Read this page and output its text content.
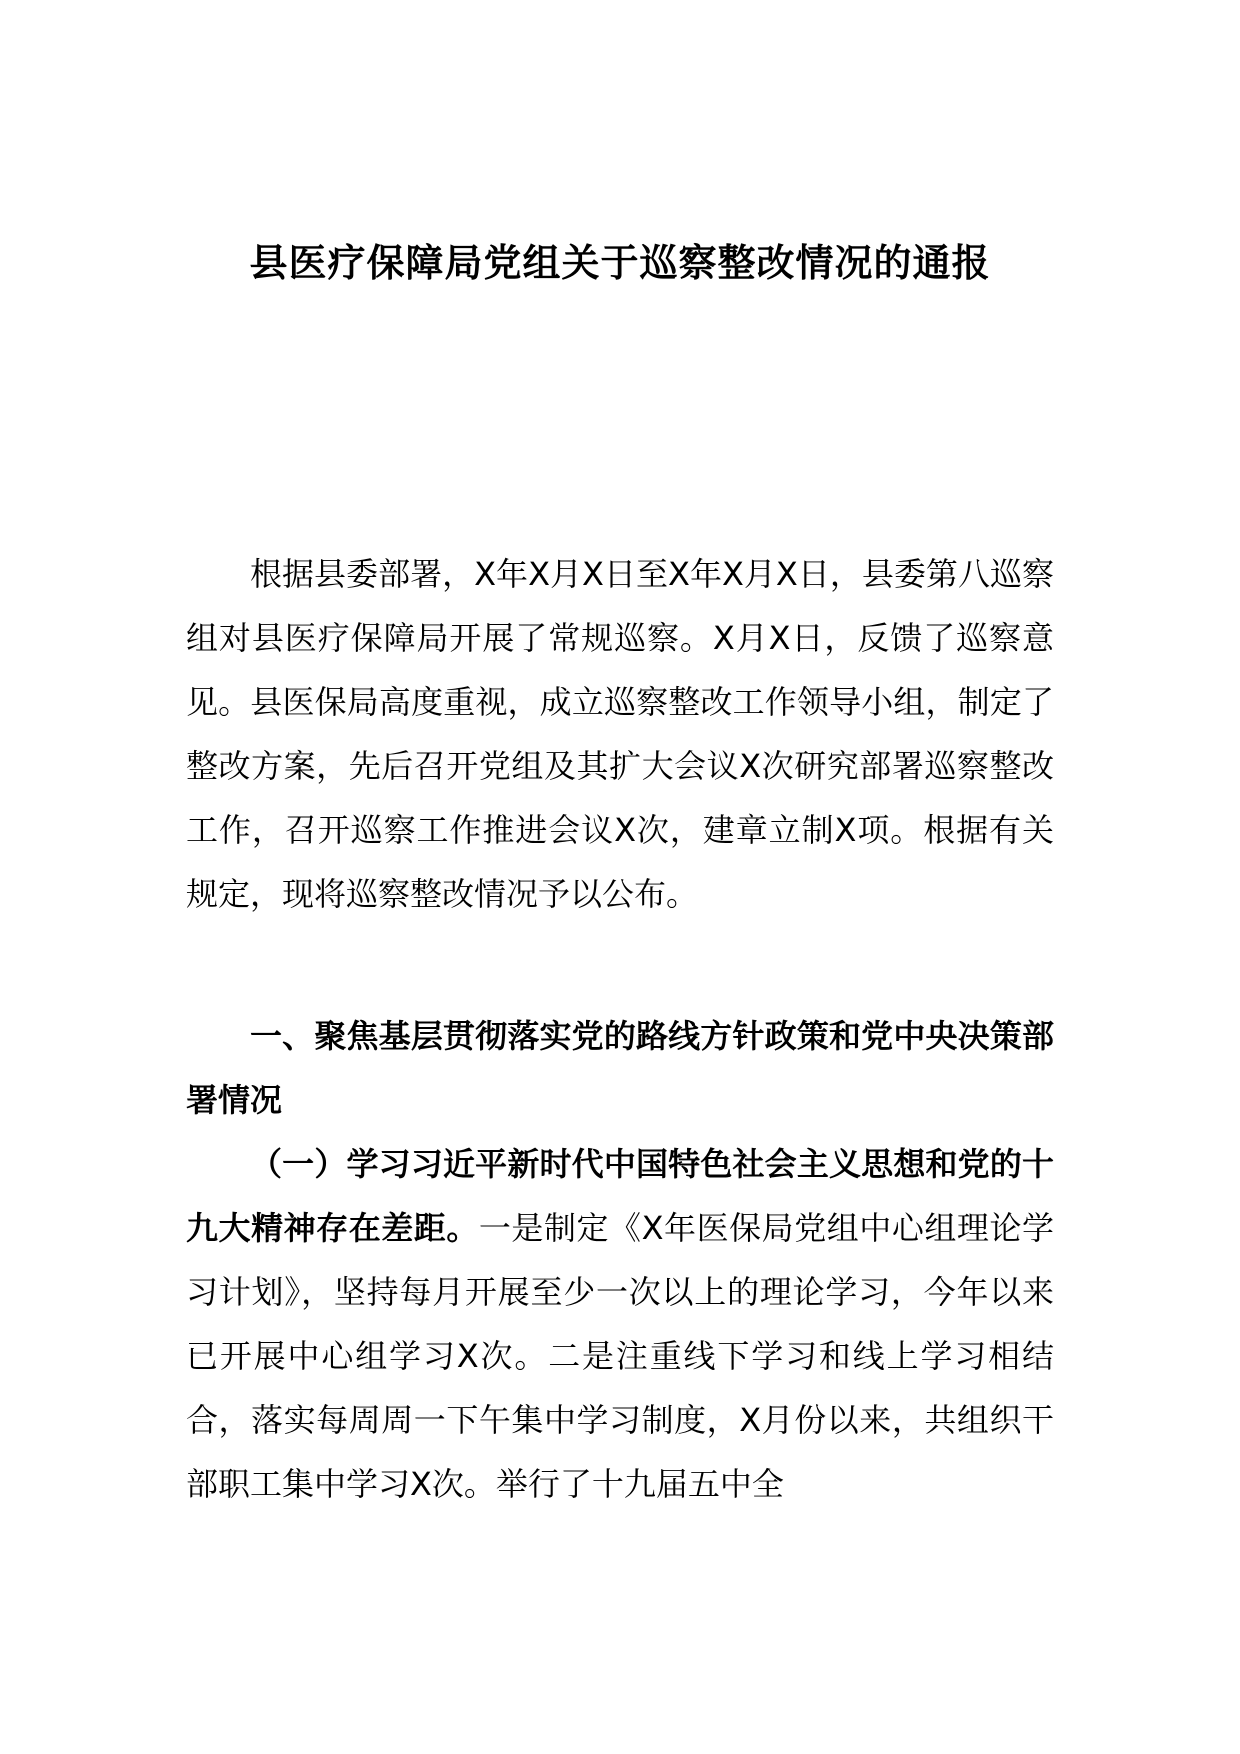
县医疗保障局党组关于巡察整改情况的通报

根据县委部署，X年X月X日至X年X月X日，县委第八巡察组对县医疗保障局开展了常规巡察。X月X日，反馈了巡察意见。县医保局高度重视，成立巡察整改工作领导小组，制定了整改方案，先后召开党组及其扩大会议X次研究部署巡察整改工作，召开巡察工作推进会议X次，建章立制X项。根据有关规定，现将巡察整改情况予以公布。

一、聚焦基层贯彻落实党的路线方针政策和党中央决策部署情况

（一）学习习近平新时代中国特色社会主义思想和党的十九大精神存在差距。一是制定《X年医保局党组中心组理论学习计划》，坚持每月开展至少一次以上的理论学习，今年以来已开展中心组学习X次。二是注重线下学习和线上学习相结合，落实每周周一下午集中学习制度，X月份以来，共组织干部职工集中学习X次。举行了十九届五中全
